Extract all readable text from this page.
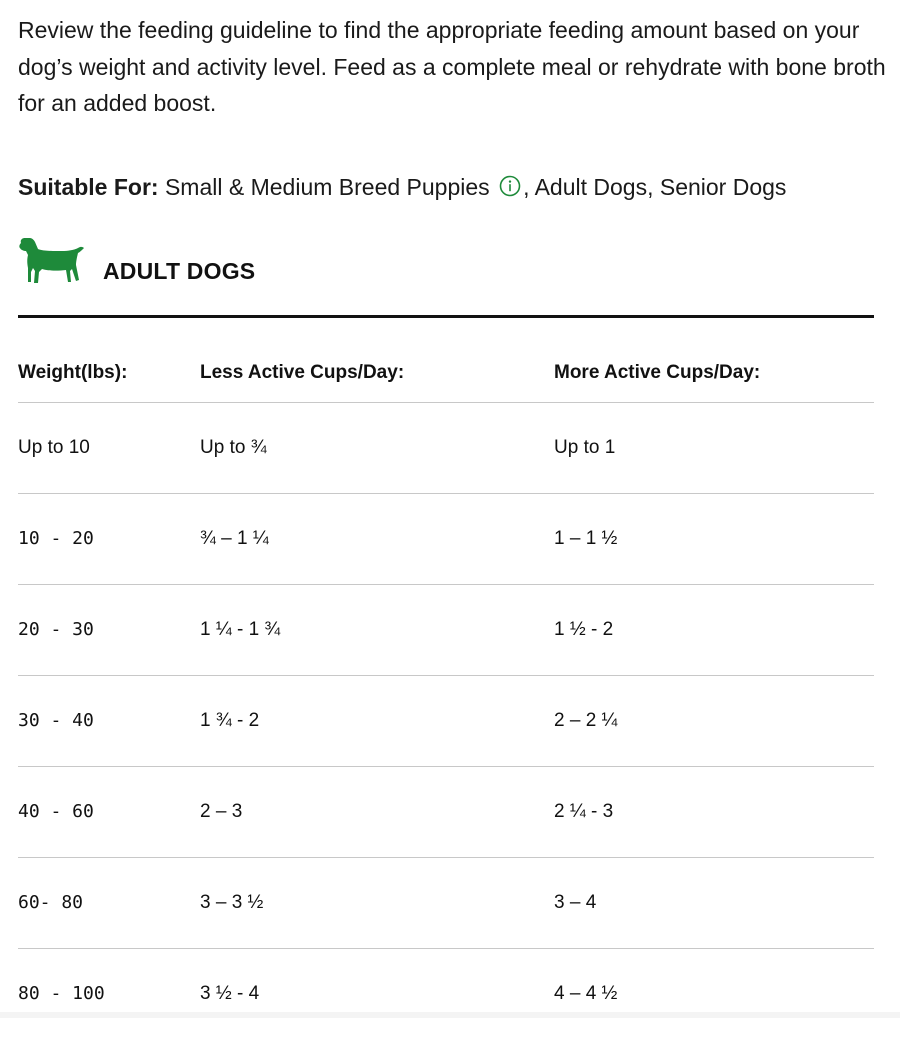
Review the feeding guideline to find the appropriate feeding amount based on your dog’s weight and activity level. Feed as a complete meal or rehydrate with bone broth for an added boost.

Suitable For: Small & Medium Breed Puppies , Adult Dogs, Senior Dogs
ADULT DOGS
Weight(lbs):	Less Active Cups/Day:	More Active Cups/Day:
Up to 10	Up to ¾	Up to 1
10 - 20	¾ – 1 ¼	1 – 1 ½
20 - 30	1 ¼ - 1 ¾	1 ½ - 2
30 - 40	1 ¾ - 2	2 – 2 ¼
40 - 60	2 – 3	2 ¼ - 3
60- 80	3 – 3 ½	3 – 4
80 - 100	3 ½ - 4	4 – 4 ½
